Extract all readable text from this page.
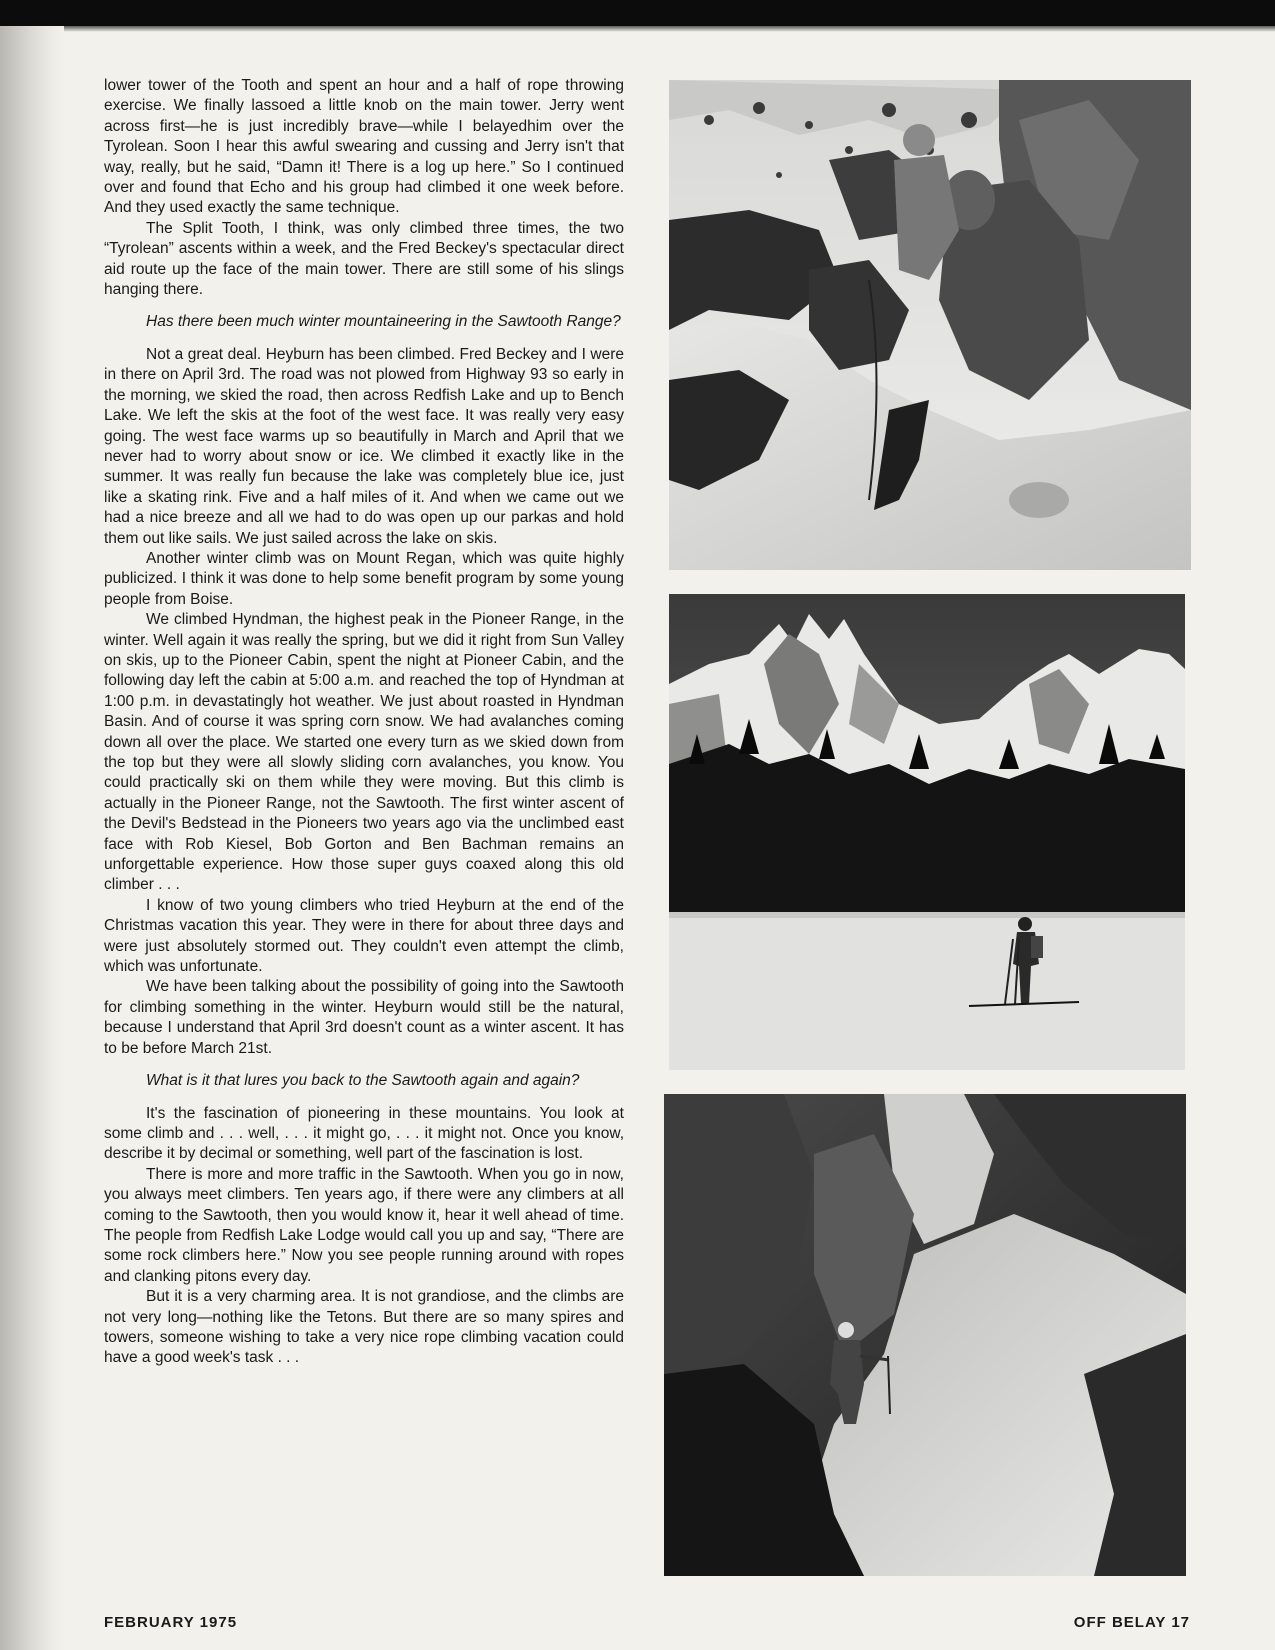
lower tower of the Tooth and spent an hour and a half of rope throwing exercise. We finally lassoed a little knob on the main tower. Jerry went across first—he is just incredibly brave—while I belayedhim over the Tyrolean. Soon I hear this awful swearing and cussing and Jerry isn't that way, really, but he said, “Damn it! There is a log up here.” So I continued over and found that Echo and his group had climbed it one week before. And they used exactly the same technique.

The Split Tooth, I think, was only climbed three times, the two “Tyrolean” ascents within a week, and the Fred Beckey's spectacular direct aid route up the face of the main tower. There are still some of his slings hanging there.

Has there been much winter mountaineering in the Sawtooth Range?

Not a great deal. Heyburn has been climbed. Fred Beckey and I were in there on April 3rd. The road was not plowed from Highway 93 so early in the morning, we skied the road, then across Redfish Lake and up to Bench Lake. We left the skis at the foot of the west face. It was really very easy going. The west face warms up so beautifully in March and April that we never had to worry about snow or ice. We climbed it exactly like in the summer. It was really fun because the lake was completely blue ice, just like a skating rink. Five and a half miles of it. And when we came out we had a nice breeze and all we had to do was open up our parkas and hold them out like sails. We just sailed across the lake on skis.

Another winter climb was on Mount Regan, which was quite highly publicized. I think it was done to help some benefit program by some young people from Boise.

We climbed Hyndman, the highest peak in the Pioneer Range, in the winter. Well again it was really the spring, but we did it right from Sun Valley on skis, up to the Pioneer Cabin, spent the night at Pioneer Cabin, and the following day left the cabin at 5:00 a.m. and reached the top of Hyndman at 1:00 p.m. in devastatingly hot weather. We just about roasted in Hyndman Basin. And of course it was spring corn snow. We had avalanches coming down all over the place. We started one every turn as we skied down from the top but they were all slowly sliding corn avalanches, you know. You could practically ski on them while they were moving. But this climb is actually in the Pioneer Range, not the Sawtooth. The first winter ascent of the Devil's Bedstead in the Pioneers two years ago via the unclimbed east face with Rob Kiesel, Bob Gorton and Ben Bachman remains an unforgettable experience. How those super guys coaxed along this old climber . . .

I know of two young climbers who tried Heyburn at the end of the Christmas vacation this year. They were in there for about three days and were just absolutely stormed out. They couldn't even attempt the climb, which was unfortunate.

We have been talking about the possibility of going into the Sawtooth for climbing something in the winter. Heyburn would still be the natural, because I understand that April 3rd doesn't count as a winter ascent. It has to be before March 21st.

What is it that lures you back to the Sawtooth again and again?

It's the fascination of pioneering in these mountains. You look at some climb and . . . well, . . . it might go, . . . it might not. Once you know, describe it by decimal or something, well part of the fascination is lost.

There is more and more traffic in the Sawtooth. When you go in now, you always meet climbers. Ten years ago, if there were any climbers at all coming to the Sawtooth, then you would know it, hear it well ahead of time. The people from Redfish Lake Lodge would call you up and say, “There are some rock climbers here.” Now you see people running around with ropes and clanking pitons every day.

But it is a very charming area. It is not grandiose, and the climbs are not very long—nothing like the Tetons. But there are so many spires and towers, someone wishing to take a very nice rope climbing vacation could have a good week's task . . .

FEBRUARY 1975	OFF BELAY 17
